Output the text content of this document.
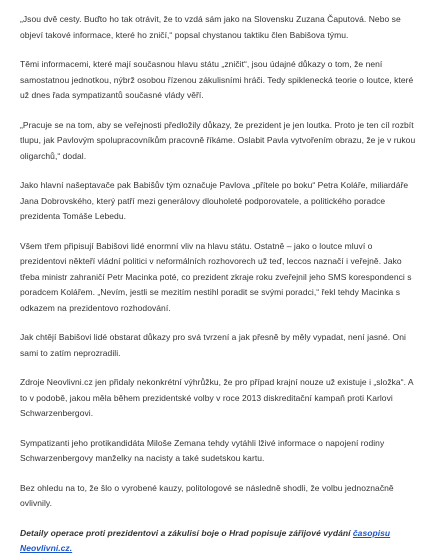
„Jsou dvě cesty. Buďto ho tak otrávit, že to vzdá sám jako na Slovensku Zuzana Čaputová. Nebo se objeví takové informace, které ho zničí,“ popsal chystanou taktiku člen Babišova týmu.

Těmi informacemi, které mají současnou hlavu státu „zničit“, jsou údajné důkazy o tom, že není samostatnou jednotkou, nýbrž osobou řízenou zákulisními hráči. Tedy spiklenecká teorie o loutce, které už dnes řada sympatizantů současné vlády věří.

„Pracuje se na tom, aby se veřejnosti předložily důkazy, že prezident je jen loutka. Proto je ten cíl rozbít tlupu, jak Pavlovým spolupracovníkům pracovně říkáme. Oslabit Pavla vytvořením obrazu, že je v rukou oligarchů,“ dodal.

Jako hlavní našeptavače pak Babišův tým označuje Pavlova „přítele po boku“ Petra Koláře, miliardáře Jana Dobrovského, který patří mezi generálovy dlouholeté podporovatele, a politického poradce prezidenta Tomáše Lebedu.

Všem třem připisují Babišovi lidé enormní vliv na hlavu státu. Ostatně – jako o loutce mluví o prezidentovi někteří vládní politici v neformálních rozhovorech už teď, leccos naznačí i veřejně. Jako třeba ministr zahraničí Petr Macinka poté, co prezident zkraje roku zveřejnil jeho SMS korespondenci s poradcem Kolářem. „Nevím, jestli se mezitím nestihl poradit se svými poradci,“ řekl tehdy Macinka s odkazem na prezidentovo rozhodování.

Jak chtějí Babišovi lidé obstarat důkazy pro svá tvrzení a jak přesně by měly vypadat, není jasné. Oni sami to zatím neprozradili.

Zdroje Neovlivni.cz jen přidaly nekonkrétní výhrůžku, že pro případ krajní nouze už existuje i „složka“. A to v podobě, jakou měla během prezidentské volby v roce 2013 diskreditační kampaň proti Karlovi Schwarzenbergovi.

Sympatizanti jeho protikandidáta Miloše Zemana tehdy vytáhli lživé informace o napojení rodiny Schwarzenbergovy manželky na nacisty a také sudetskou kartu.

Bez ohledu na to, že šlo o vyrobené kauzy, politologové se následně shodli, že volbu jednoznačně ovlivnily.

Detaily operace proti prezidentovi a zákulisí boje o Hrad popisuje zářijové vydání časopisu Neovlivni.cz.
